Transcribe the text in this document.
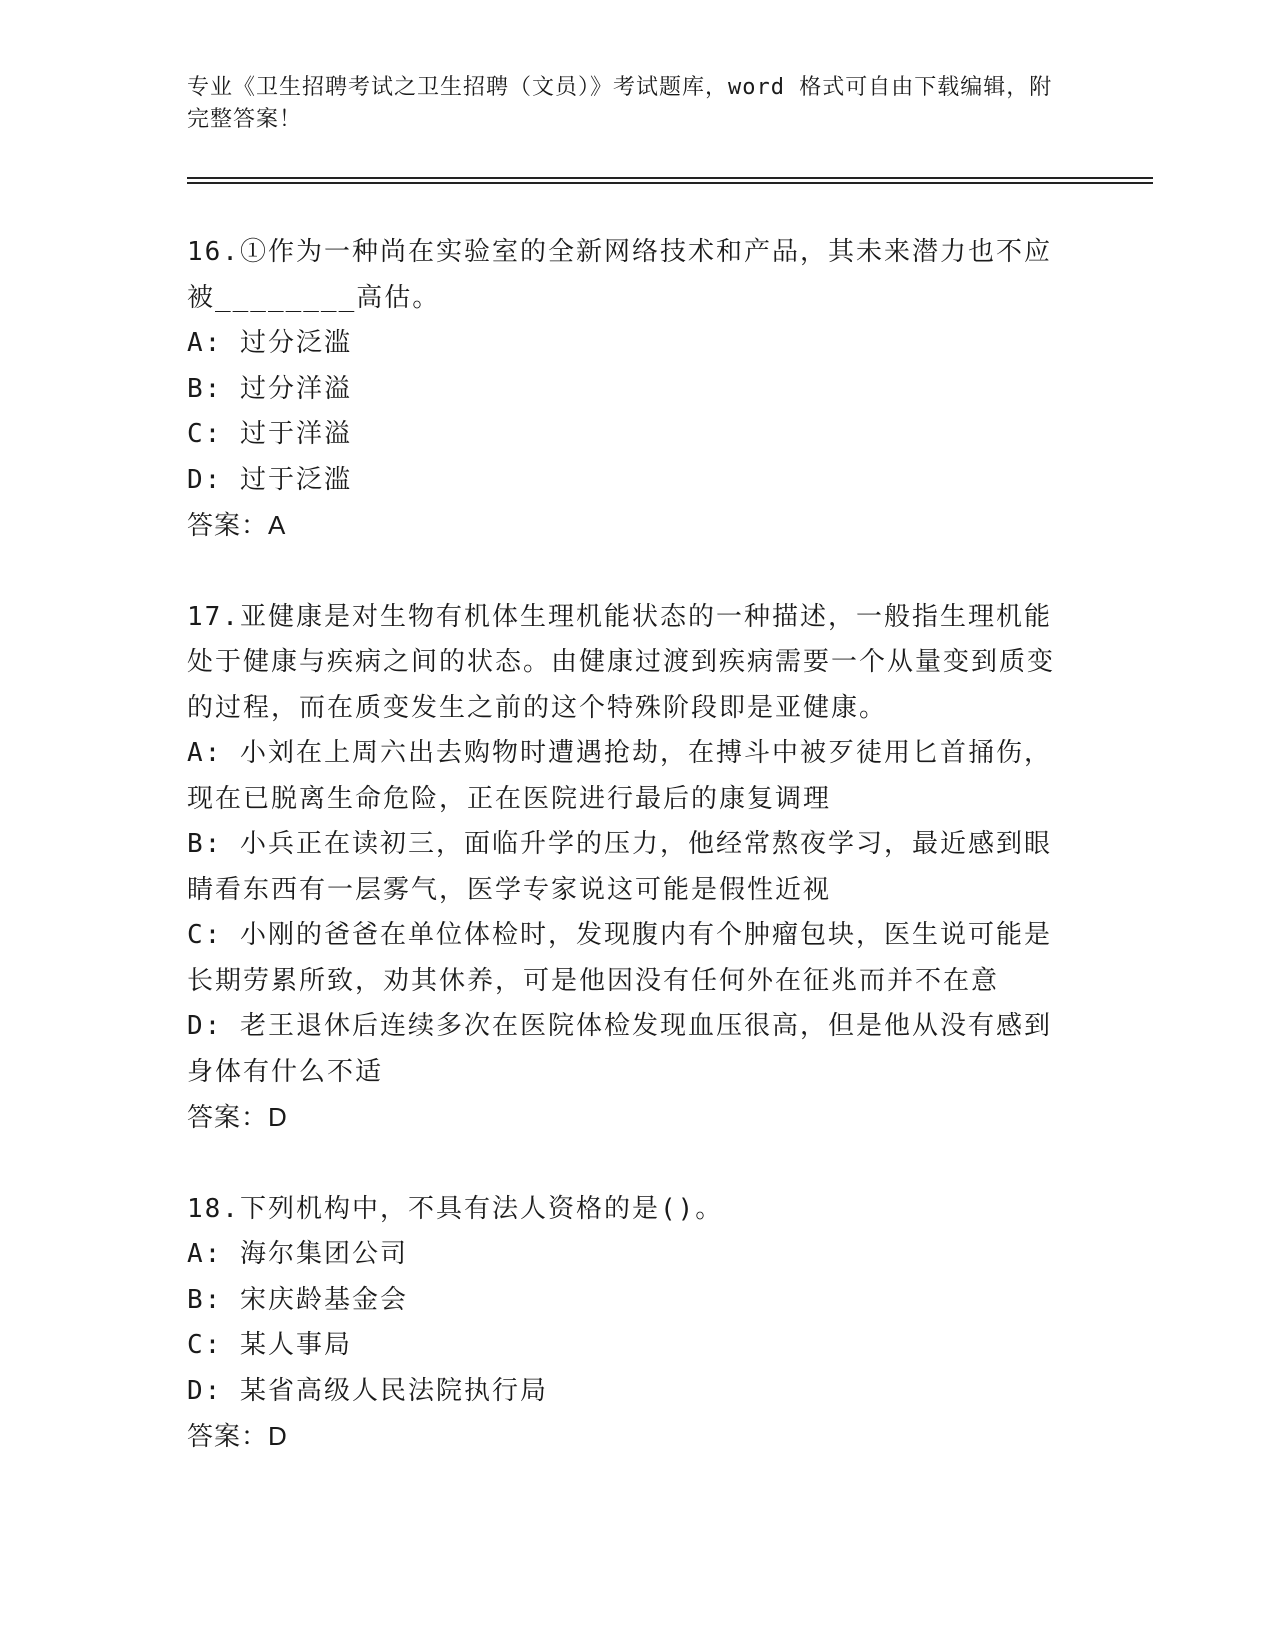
专业《卫生招聘考试之卫生招聘（文员）》考试题库，word 格式可自由下载编辑，附完整答案！
16.①作为一种尚在实验室的全新网络技术和产品，其未来潜力也不应被________高估。
A: 过分泛滥
B: 过分洋溢
C: 过于洋溢
D: 过于泛滥
答案：A
17.亚健康是对生物有机体生理机能状态的一种描述，一般指生理机能处于健康与疾病之间的状态。由健康过渡到疾病需要一个从量变到质变的过程，而在质变发生之前的这个特殊阶段即是亚健康。
A: 小刘在上周六出去购物时遭遇抢劫，在搏斗中被歹徒用匕首捅伤，现在已脱离生命危险，正在医院进行最后的康复调理
B: 小兵正在读初三，面临升学的压力，他经常熬夜学习，最近感到眼睛看东西有一层雾气，医学专家说这可能是假性近视
C: 小刚的爸爸在单位体检时，发现腹内有个肿瘤包块，医生说可能是长期劳累所致，劝其休养，可是他因没有任何外在征兆而并不在意
D: 老王退休后连续多次在医院体检发现血压很高，但是他从没有感到身体有什么不适
答案：D
18.下列机构中，不具有法人资格的是()。
A: 海尔集团公司
B: 宋庆龄基金会
C: 某人事局
D: 某省高级人民法院执行局
答案：D
